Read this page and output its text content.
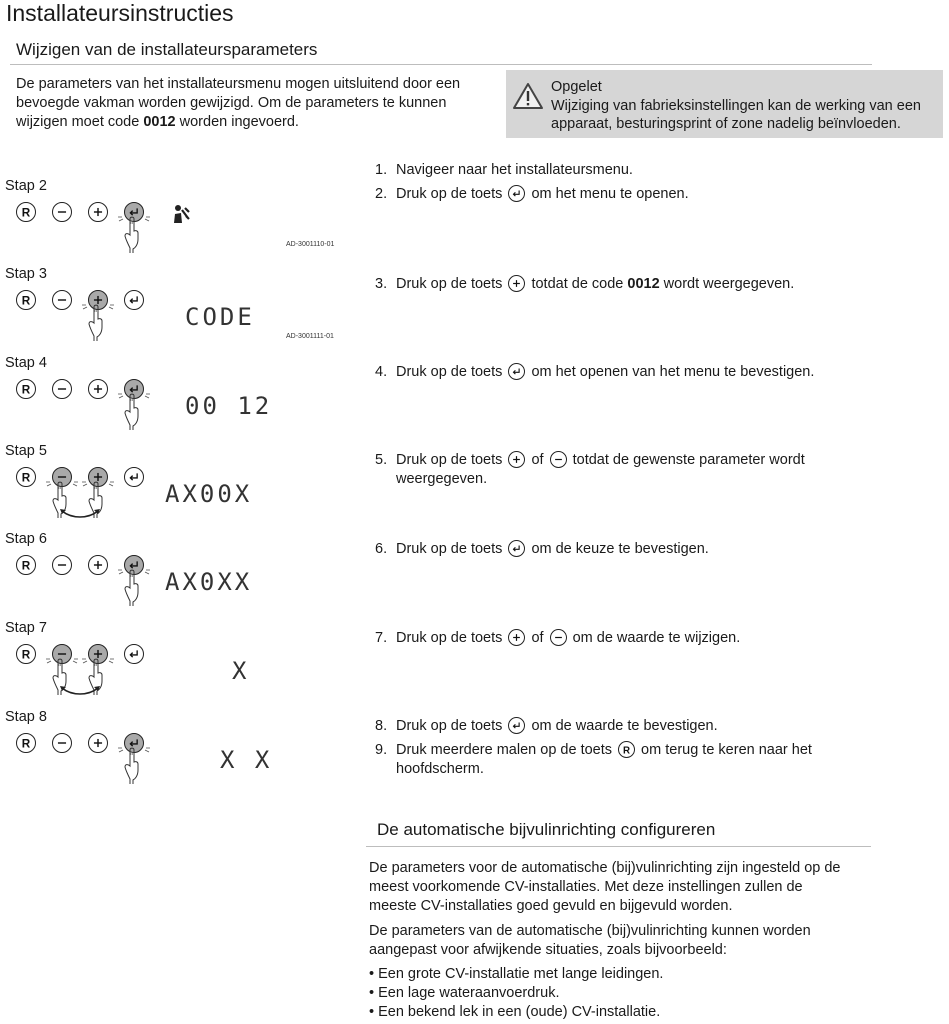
Installateursinstructies
Wijzigen van de installateursparameters
De parameters van het installateursmenu mogen uitsluitend door een
bevoegde vakman worden gewijzigd. Om de parameters te kunnen
wijzigen moet code 0012 worden ingevoerd.
Opgelet
Wijziging van fabrieksinstellingen kan de werking van een apparaat, besturingsprint of zone nadelig beïnvloeden.
Stap 2
R
AD-3001110-01
Stap 3
R
CODE
AD-3001111-01
Stap 4
R
00 12
Stap 5
R
AX00X
Stap 6
R
AX0XX
Stap 7
R
X
Stap 8
R
X X
1. Navigeer naar het installateursmenu.
2. Druk op de toets
om het menu te openen.
3. Druk op de toets
totdat de code 0012 wordt weergegeven.
4. Druk op de toets
om het openen van het menu te bevestigen.
5. Druk op de toets
of
totdat de gewenste parameter wordt
weergegeven.
6. Druk op de toets
om de keuze te bevestigen.
7. Druk op de toets
of
om de waarde te wijzigen.
8. Druk op de toets
om de waarde te bevestigen.
9. Druk meerdere malen op de toets R om terug te keren naar het
hoofdscherm.
De automatische bijvulinrichting configureren
De parameters voor de automatische (bij)vulinrichting zijn ingesteld op de
meest voorkomende CV-installaties. Met deze instellingen zullen de
meeste CV-installaties goed gevuld en bijgevuld worden.
De parameters van de automatische (bij)vulinrichting kunnen worden
aangepast voor afwijkende situaties, zoals bijvoorbeeld:
• Een grote CV-installatie met lange leidingen.
• Een lage wateraanvoerdruk.
• Een bekend lek in een (oude) CV-installatie.
